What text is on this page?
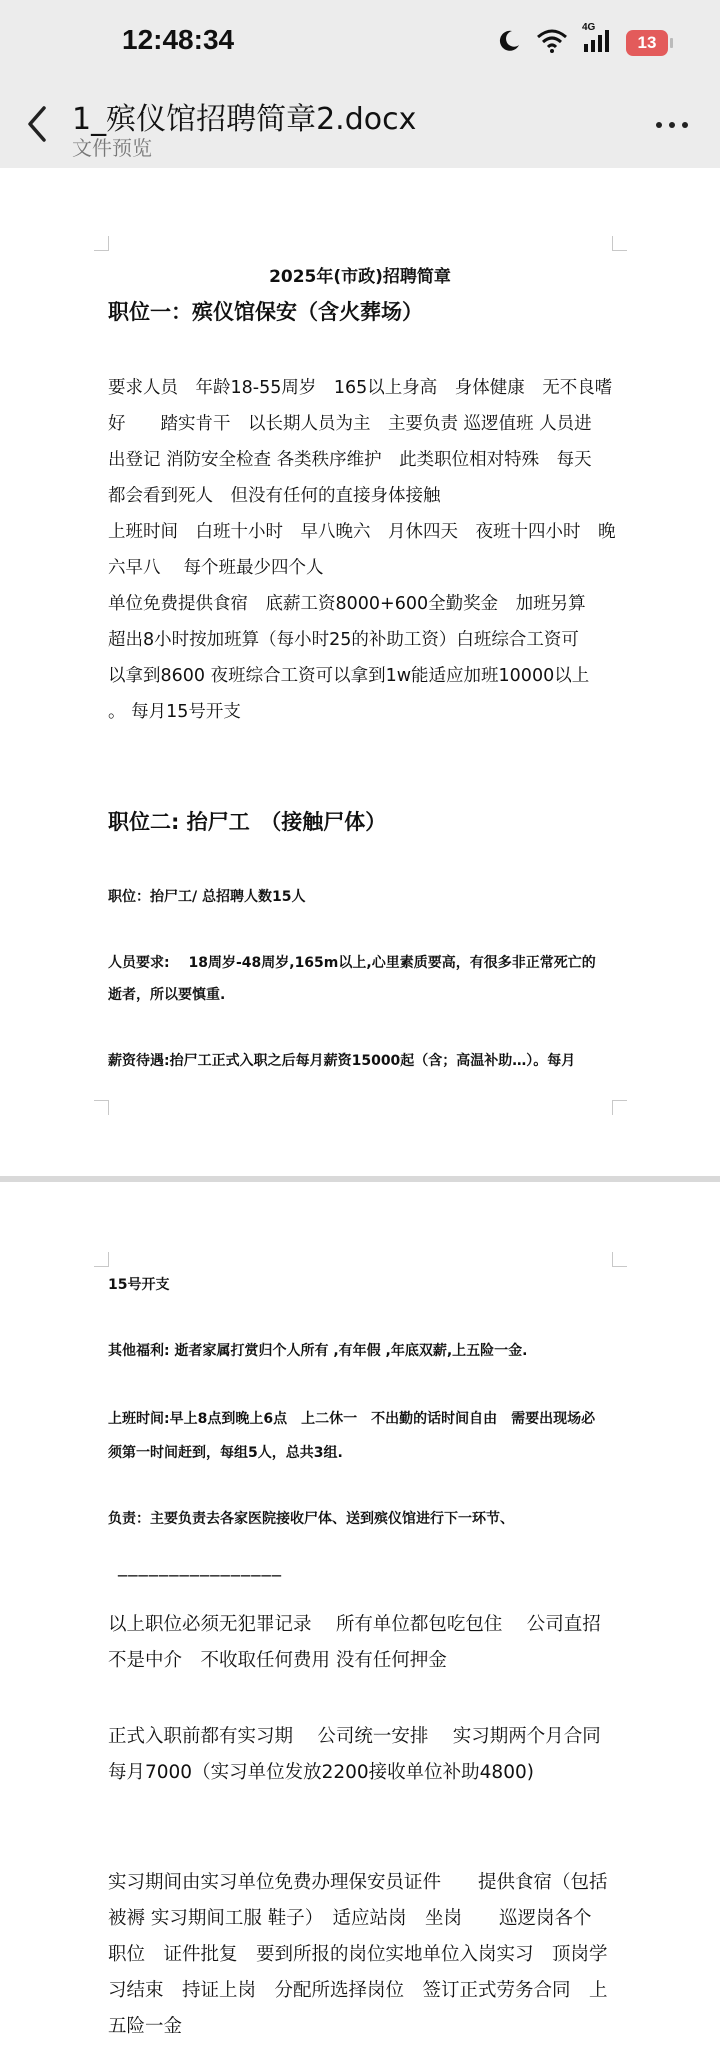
12:48:34	4G
13
1_殡仪馆招聘简章2.docx
文件预览
2025年(市政)招聘简章
职位一：殡仪馆保安（含火葬场）
要求人员　年龄18-55周岁　165以上身高　身体健康　无不良嗜
好　　踏实肯干　以长期人员为主　主要负责 巡逻值班 人员进
出登记 消防安全检查 各类秩序维护　此类职位相对特殊　每天
都会看到死人　但没有任何的直接身体接触
上班时间　白班十小时　早八晚六　月休四天　夜班十四小时　晚
六早八　 每个班最少四个人
单位免费提供食宿　底薪工资8000+600全勤奖金　加班另算
超出8小时按加班算（每小时25的补助工资）白班综合工资可
以拿到8600 夜班综合工资可以拿到1w能适应加班10000以上
。 每月15号开支
职位二: 抬尸工　（接触尸体）
职位：抬尸工/ 总招聘人数15人
人员要求:　 18周岁-48周岁,165m以上,心里素质要高，有很多非正常死亡的
逝者，所以要慎重.
薪资待遇:抬尸工正式入职之后每月薪资15000起（含；高温补助…）。每月
15号开支
其他福利: 逝者家属打赏归个人所有 ,有年假 ,年底双薪,上五险一金.
上班时间:早上8点到晚上6点　上二休一　不出勤的话时间自由　需要出现场必
须第一时间赶到，每组5人，总共3组.
负责：主要负责去各家医院接收尸体、送到殡仪馆进行下一环节、
________________
以上职位必须无犯罪记录　 所有单位都包吃包住　 公司直招
不是中介　不收取任何费用 没有任何押金
正式入职前都有实习期　 公司统一安排　 实习期两个月合同
每月7000（实习单位发放2200接收单位补助4800)
实习期间由实习单位免费办理保安员证件　　提供食宿（包括
被褥 实习期间工服 鞋子）　适应站岗　坐岗　　巡逻岗各个
职位　证件批复　要到所报的岗位实地单位入岗实习　顶岗学
习结束　持证上岗　分配所选择岗位　签订正式劳务合同　上
五险一金
